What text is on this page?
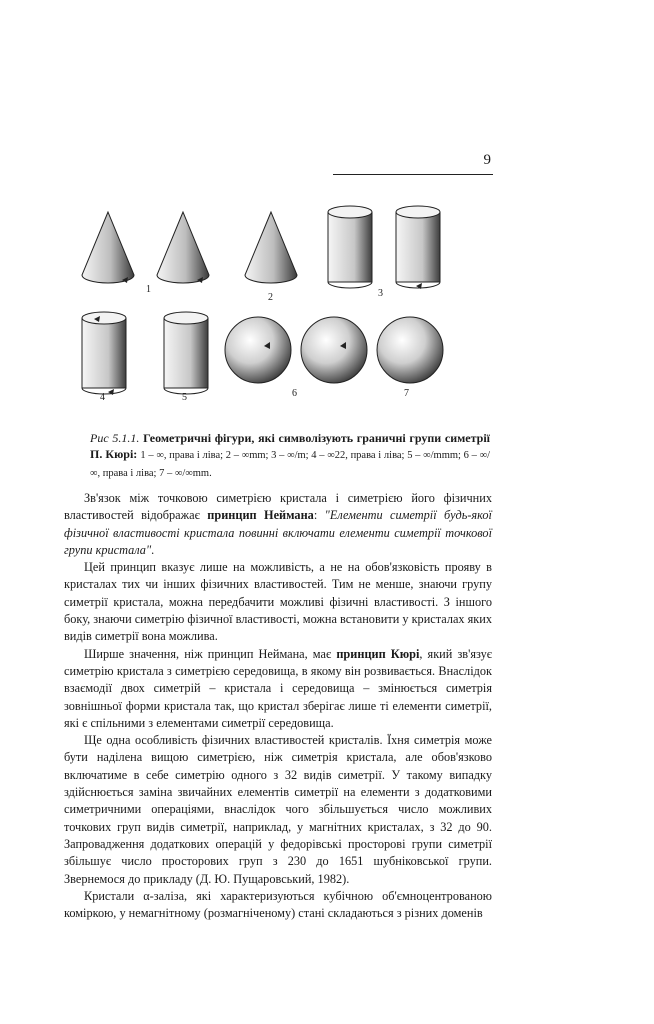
9
1
2	3
4	5	6	7
Рис 5.1.1. Геометричні фігури, які символізують граничні групи симетрії П. Кюрі: 1 – ∞, права і ліва; 2 – ∞mm; 3 – ∞/m; 4 – ∞22, права і ліва; 5 – ∞/mmm; 6 – ∞/∞, права і ліва; 7 – ∞/∞mm.

Зв'язок між точковою симетрією кристала і симетрією його фізичних властивостей відображає принцип Неймана: "Елементи симетрії будь-якої фізичної властивості кристала повинні включати елементи симетрії точкової групи кристала".

Цей принцип вказує лише на можливість, а не на обов'язковість прояву в кристалах тих чи інших фізичних властивостей. Тим не менше, знаючи групу симетрії кристала, можна передбачити можливі фізичні властивості. З іншого боку, знаючи симетрію фізичної властивості, можна встановити у кристалах яких видів симетрії вона можлива.

Ширше значення, ніж принцип Неймана, має принцип Кюрі, який зв'язує симетрію кристала з симетрією середовища, в якому він розвивається. Внаслідок взаємодії двох симетрій – кристала і середовища – змінюється симетрія зовнішньої форми кристала так, що кристал зберігає лише ті елементи симетрії, які є спільними з елементами симетрії середовища.

Ще одна особливість фізичних властивостей кристалів. Їхня симетрія може бути наділена вищою симетрією, ніж симетрія кристала, але обов'язково включатиме в себе симетрію одного з 32 видів симетрії. У такому випадку здійснюється заміна звичайних елементів симетрії на елементи з додатковими симетричними операціями, внаслідок чого збільшується число можливих точкових груп видів симетрії, наприклад, у магнітних кристалах, з 32 до 90. Запровадження додаткових операцій у федорівські просторові групи симетрії збільшує число просторових груп з 230 до 1651 шубніковської групи. Звернемося до прикладу (Д. Ю. Пущаровський, 1982).

Кристали α-заліза, які характеризуються кубічною об'ємноцентрованою коміркою, у немагнітному (розмагніченому) стані складаються з різних доменів
